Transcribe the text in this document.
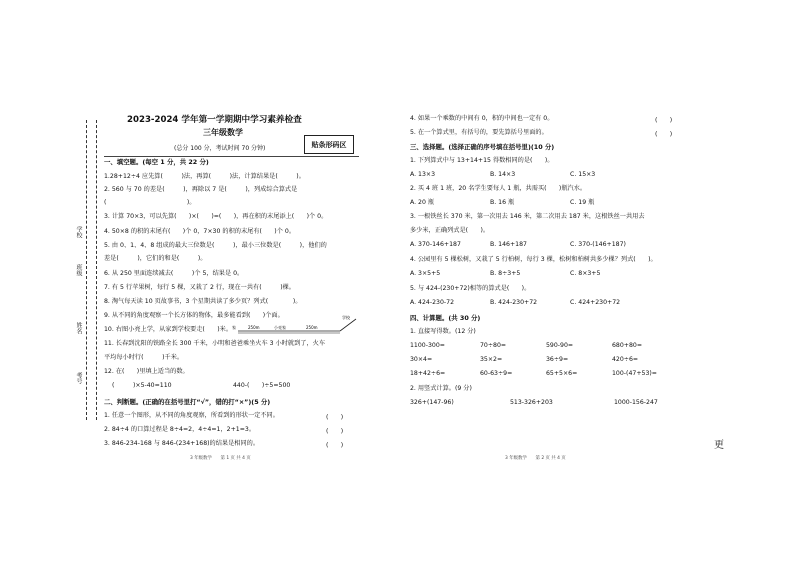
学校
班级
姓名
考号
2023-2024 学年第一学期期中学习素养检查
三年级数学
(总分 100 分，考试时间 70 分钟)	贴条形码区
一、填空题。(每空 1 分，共 22 分)
1.28+12÷4 应先算(　　　)法，再算(　　　)法，计算结果是(　　　)。
2. 560 与 70 的差是(　　　)，再除以 7 是(　　　)，列成综合算式是
(　　　　　　　　　　　　　)。
3. 计算 70×3，可以先算(　　)×(　　)=(　　)，再在积的末尾添上(　　)个 0。
4. 50×8 的积的末尾有(　　)个 0，7×30 的积的末尾有(　　)个 0。
5. 由 0、1、4、8 组成的最大三位数是(　　　)，最小三位数是(　　　)，他们的
差是(　　　)，它们的和是(　　　)。
6. 从 250 里面连续减去(　　　)个 5，结果是 0。
7. 有 5 行苹果树，每行 5 棵，又栽了 2 行，现在一共有(　　　)棵。
8. 淘气每天读 10 页故事书，3 个星期共读了多少页？列式(　　　　)。
9. 从不同的角度观察一个长方体的物体，最多能看到(　　)个面。
10. 右图小亮上学，从家到学校要走(　　)米。 家	250m	小亮家	250m
学校
11. 长春到沈阳的铁路全长 300 千米，小明和爸爸乘坐火车 3 小时就到了，火车
平均每小时行(　　　)千米。
12. 在(　　)里填上适当的数。
(　　　)×5-40=110	440-(　　)÷5=500
二、判断题。(正确的在括号里打“√”，错的打“×”)(5 分)
1. 任意一个图形，从不同的角度观察，所看到的形状一定不同。	(　　)
2. 84÷4 的口算过程是 8÷4=2，4÷4=1，2+1=3。	(　　)
3. 846-234-168 与 846-(234+168)的结果是相同的。	(　　)
3 年级数学　　第 1 页 共 4 页
4. 如果一个乘数的中间有 0，积的中间也一定有 0。	(　　)
5. 在一个算式里，有括号的，要先算括号里面的。	(　　)
三、选择题。(选择正确的序号填在括号里)(10 分)
1. 下列算式中与 13+14+15 得数相同的是(　　)。
A. 13×3	B. 14×3	C. 15×3
2. 买 4 班 1 班，20 名学生要每人 1 瓶，共需买(　　)瓶汽水。
A. 20 瓶	B. 16 瓶	C. 19 瓶
3. 一根铁丝长 370 米，第一次用去 146 米，第二次用去 187 米，这根铁丝一共用去
多少米，正确列式是(　　)。
A. 370-146+187	B. 146+187	C. 370-(146+187)
4. 公园里有 5 棵松树，又栽了 5 行柏树，每行 3 棵，松树和柏树共多少棵？列式(　　)。
A. 3×5+5	B. 8÷3+5	C. 8×3+5
5. 与 424-(230+72)相等的算式是(　　)。
A. 424-230-72	B. 424-230+72	C. 424+230+72
四、计算题。(共 30 分)
1. 直接写得数。(12 分)
1100-300=	70÷80=	590-90=	680+80=
30×4=	35×2=	36÷9=	420÷6=
18+42÷6=	60-63÷9=	65+5×6=	100-(47+53)=
2. 用竖式计算。(9 分)
326+(147-96)	513-326+203	1000-156-247
3 年级数学　　第 2 页 共 4 页
更
